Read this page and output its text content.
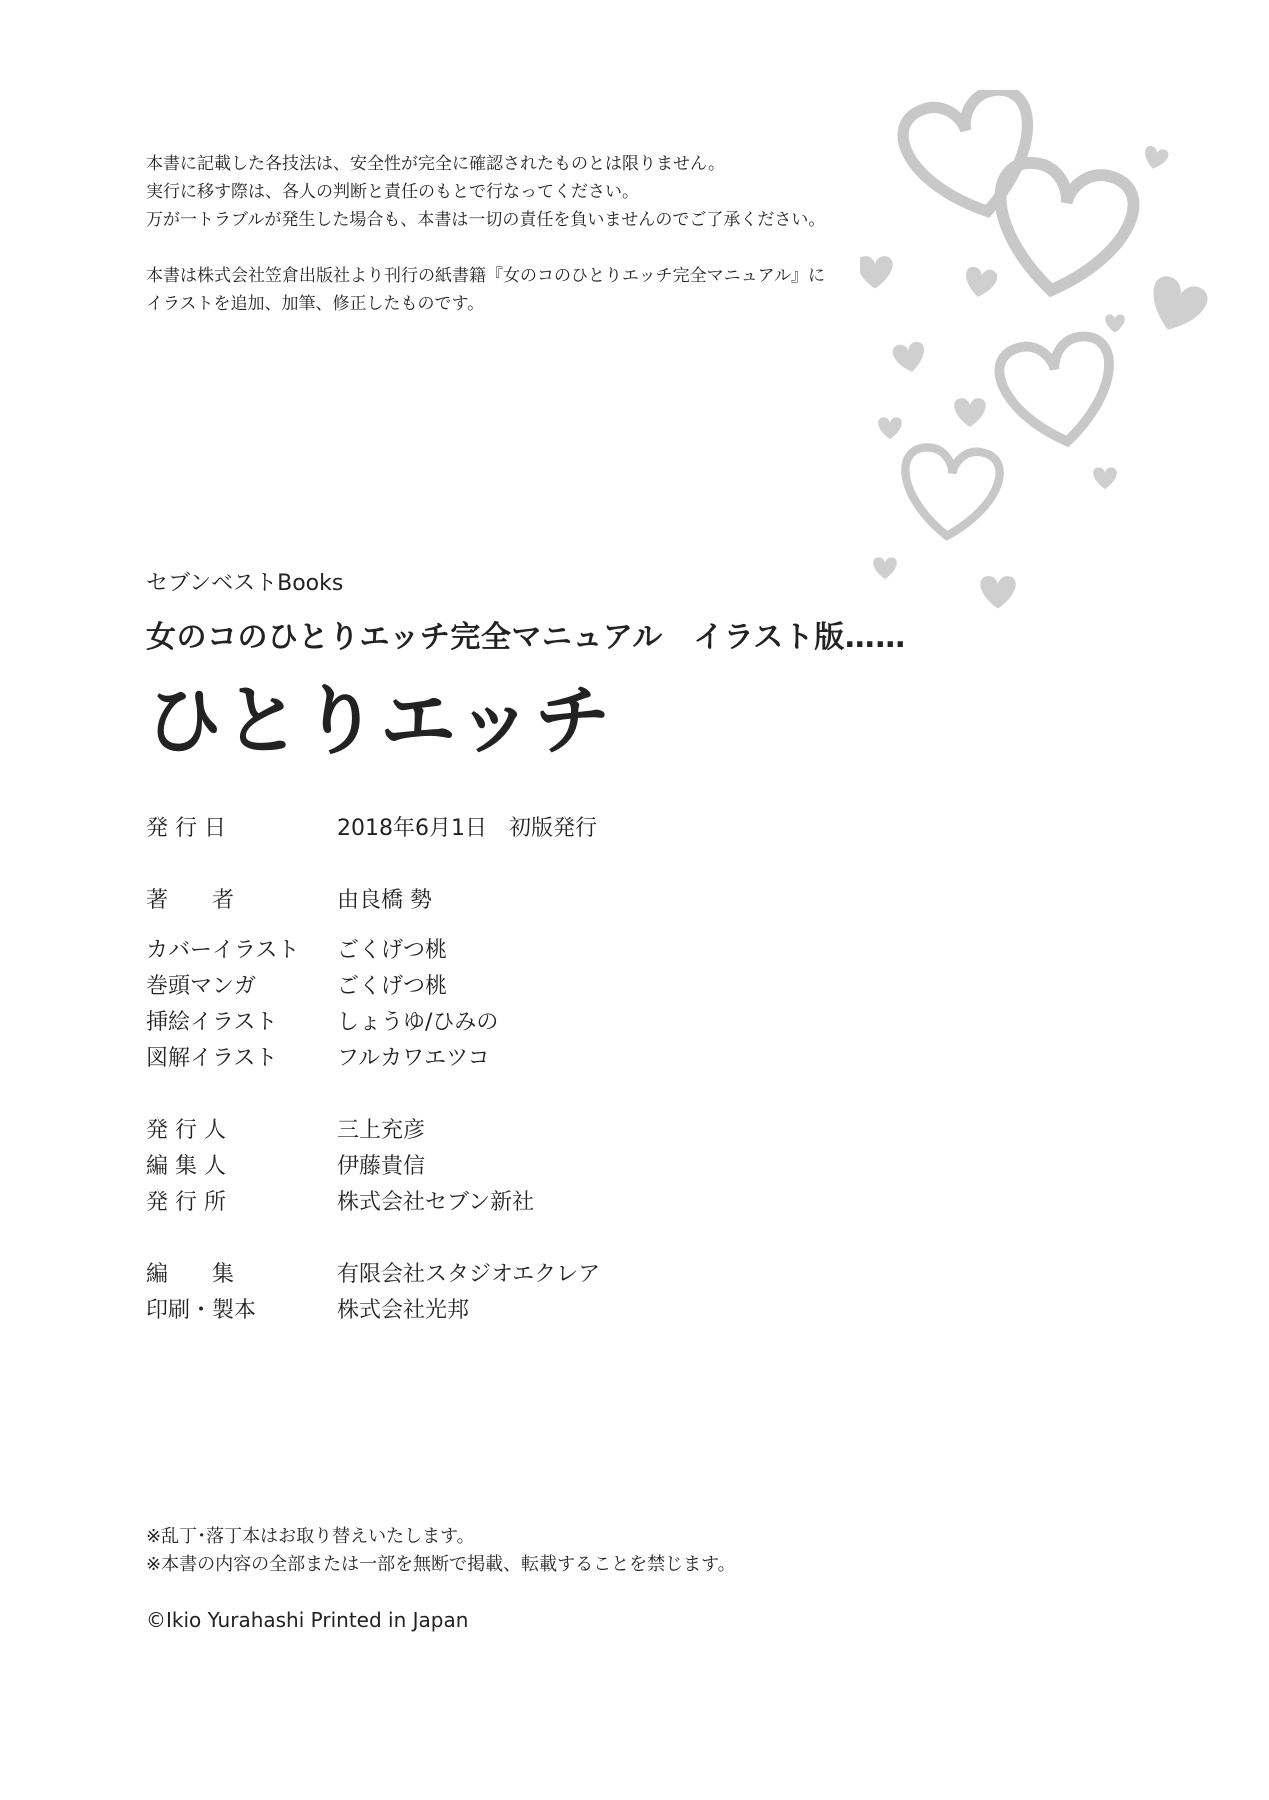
本書に記載した各技法は、安全性が完全に確認されたものとは限りません。

実行に移す際は、各人の判断と責任のもとで行なってください。

万が一トラブルが発生した場合も、本書は一切の責任を負いませんのでご了承ください。

本書は株式会社笠倉出版社より刊行の紙書籍『女のコのひとりエッチ完全マニュアル』に

イラストを追加、加筆、修正したものです。

セブンベストBooks
女のコのひとりエッチ完全マニュアル　イラスト版……
ひとりエッチ
発 行 日	2018年6月1日　初版発行
著　　者	由良橋 勢
カバーイラスト	ごくげつ桃
巻頭マンガ	ごくげつ桃
挿絵イラスト	しょうゆ/ひみの
図解イラスト	フルカワエツコ
発 行 人	三上充彦
編 集 人	伊藤貴信
発 行 所	株式会社セブン新社
編　　集	有限会社スタジオエクレア
印刷・製本	株式会社光邦

※乱丁･落丁本はお取り替えいたします。

※本書の内容の全部または一部を無断で掲載、転載することを禁じます。

©Ikio Yurahashi Printed in Japan
